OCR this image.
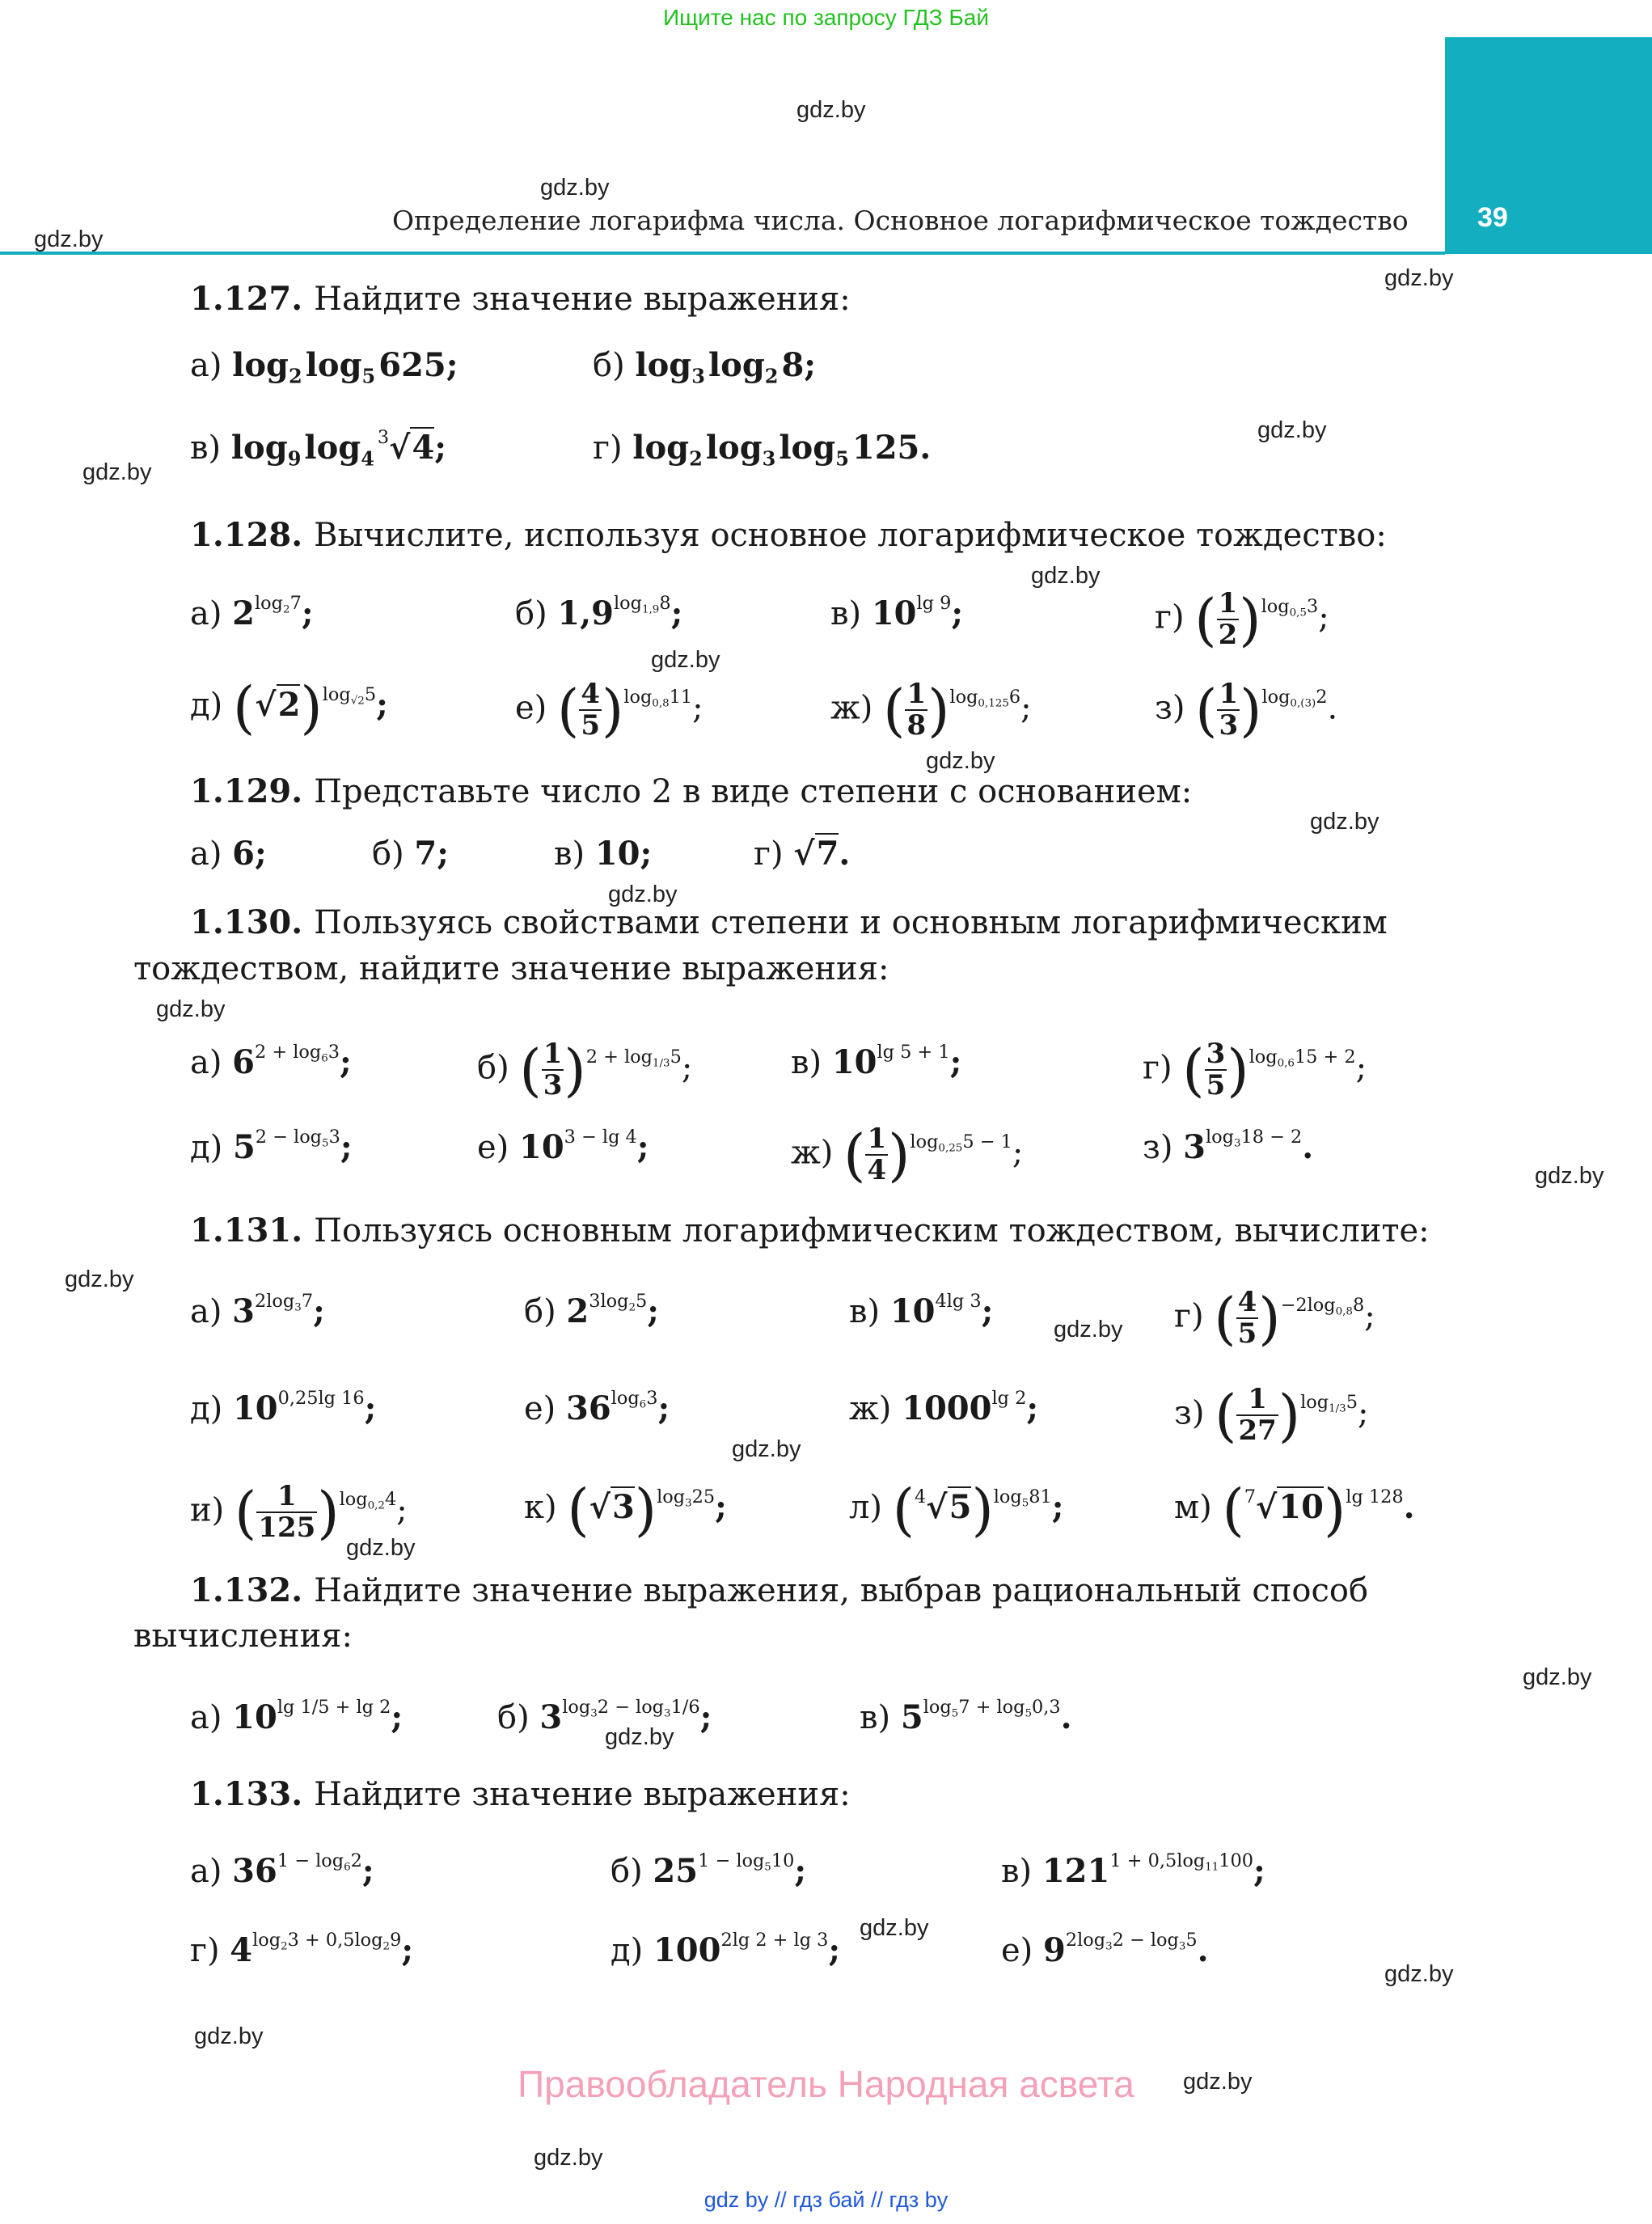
Ищите нас по запросу ГДЗ Бай
39
Определение логарифма числа. Основное логарифмическое тождество
gdz.by
gdz.by
gdz.by
gdz.by
gdz.by
gdz.by
gdz.by
gdz.by
gdz.by
gdz.by
gdz.by
gdz.by
gdz.by
gdz.by
gdz.by
gdz.by
gdz.by
gdz.by
gdz.by
gdz.by
gdz.by
gdz.by
gdz.by
gdz.by
1.127. Найдите значение выражения:
а) $\log_2$ $\log_5$ 625;	б) $\log_3$ $\log_2$ 8;
в) $\log_9$ $\log_4$ $^3$√4;	г) $\log_2$ $\log_3$ $\log_5$ 125.
1.128. Вычислите, используя основное логарифмическое тождество:
а) $2^{log_27}$;	б) $1,9^{log_{1,9}8}$;	в) $10^{lg 9}$;	г) ( $\frac{1}{2} )^{log_{0,5}3}$;
д) $(√2)^{log_{√2}5}$;	е) ( $\frac{4}{5} )^{log_{0,8}11}$;	ж) ( $\frac{1}{8} )^{log_{0,125}6}$;	з) ( $\frac{1}{3} )^{log_{0,(3)}2}$.
1.129. Представьте число 2 в виде степени с основанием:
а) 6;	б) 7;	в) 10;	г) √7.
1.130. Пользуясь свойствами степени и основным логарифмическим
тождеством, найдите значение выражения:
а) $6^{2 + log_63}$;	б) ( $\frac{1}{3} )^{2 + log_{1/3}5}$;	в) $10^{lg 5 + 1}$;	г) ( $\frac{3}{5} )^{log_{0,6}15 + 2}$;
д) $5^{2 - log_53}$;	е) $10^{3 - lg 4}$;	ж) ( $\frac{1}{4} )^{log_{0,25}5 - 1}$;	з) $3^{log_318 - 2}$.
1.131. Пользуясь основным логарифмическим тождеством, вычислите:
а) $3^{2log_37}$;	б) $2^{3log_25}$;	в) $10^{4lg 3}$;	г) ( $\frac{4}{5} )^{-2log_{0,8}8}$;
д) $10^{0,25lg 16}$;	е) $36^{log_63}$;	ж) $1000^{lg 2}$;	з) ( $\frac{1}{27} )^{log_{1/3}5}$;
и) ( $\frac{1}{125} )^{log_{0,2}4}$;	к) $(√3)^{log_325}$;	л) $(^4√5)^{log_581}$;	м) $(^7√10)^{lg 128}$.
1.132. Найдите значение выражения, выбрав рациональный способ
вычисления:
а) $10^{lg 1/5 + lg 2}$;	б) $3^{log_32 - log_31/6}$;	в) $5^{log_57 + log_50,3}$.
1.133. Найдите значение выражения:
а) $36^{1 - log_62}$;	б) $25^{1 - log_510}$;	в) $121^{1 + 0,5log_{11}100}$;
г) $4^{log_23 + 0,5log_29}$;	д) $100^{2lg 2 + lg 3}$;	е) $9^{2log_32 - log_35}$.
Правообладатель Народная асвета
gdz by // гдз бай // гдз by
